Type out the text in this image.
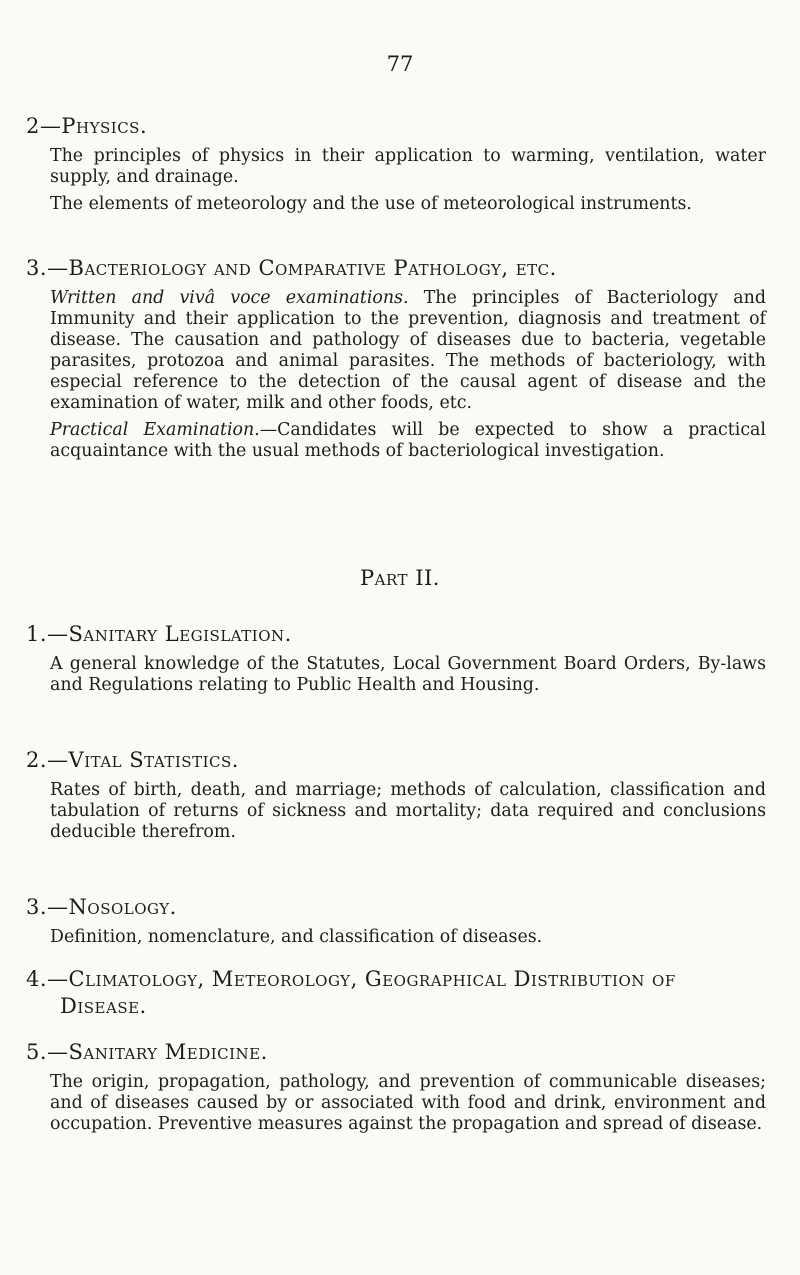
77

2—Physics.

The principles of physics in their application to warming, ventilation, water supply, and drainage.

The elements of meteorology and the use of meteorological instruments.

3.—Bacteriology and Comparative Pathology, etc.

Written and vivâ voce examinations. The principles of Bacteriology and Immunity and their application to the prevention, diagnosis and treatment of disease. The causation and pathology of diseases due to bacteria, vegetable parasites, protozoa and animal parasites. The methods of bacteriology, with especial reference to the detection of the causal agent of disease and the examination of water, milk and other foods, etc.

Practical Examination.—Candidates will be expected to show a practical acquaintance with the usual methods of bacteriological investigation.

Part II.

1.—Sanitary Legislation.

A general knowledge of the Statutes, Local Government Board Orders, By-laws and Regulations relating to Public Health and Housing.

2.—Vital Statistics.

Rates of birth, death, and marriage; methods of calculation, classification and tabulation of returns of sickness and mortality; data required and conclusions deducible therefrom.

3.—Nosology.

Definition, nomenclature, and classification of diseases.

4.—Climatology, Meteorology, Geographical Distribution of Disease.

5.—Sanitary Medicine.

The origin, propagation, pathology, and prevention of communicable diseases; and of diseases caused by or associated with food and drink, environment and occupation. Preventive measures against the propagation and spread of disease.
